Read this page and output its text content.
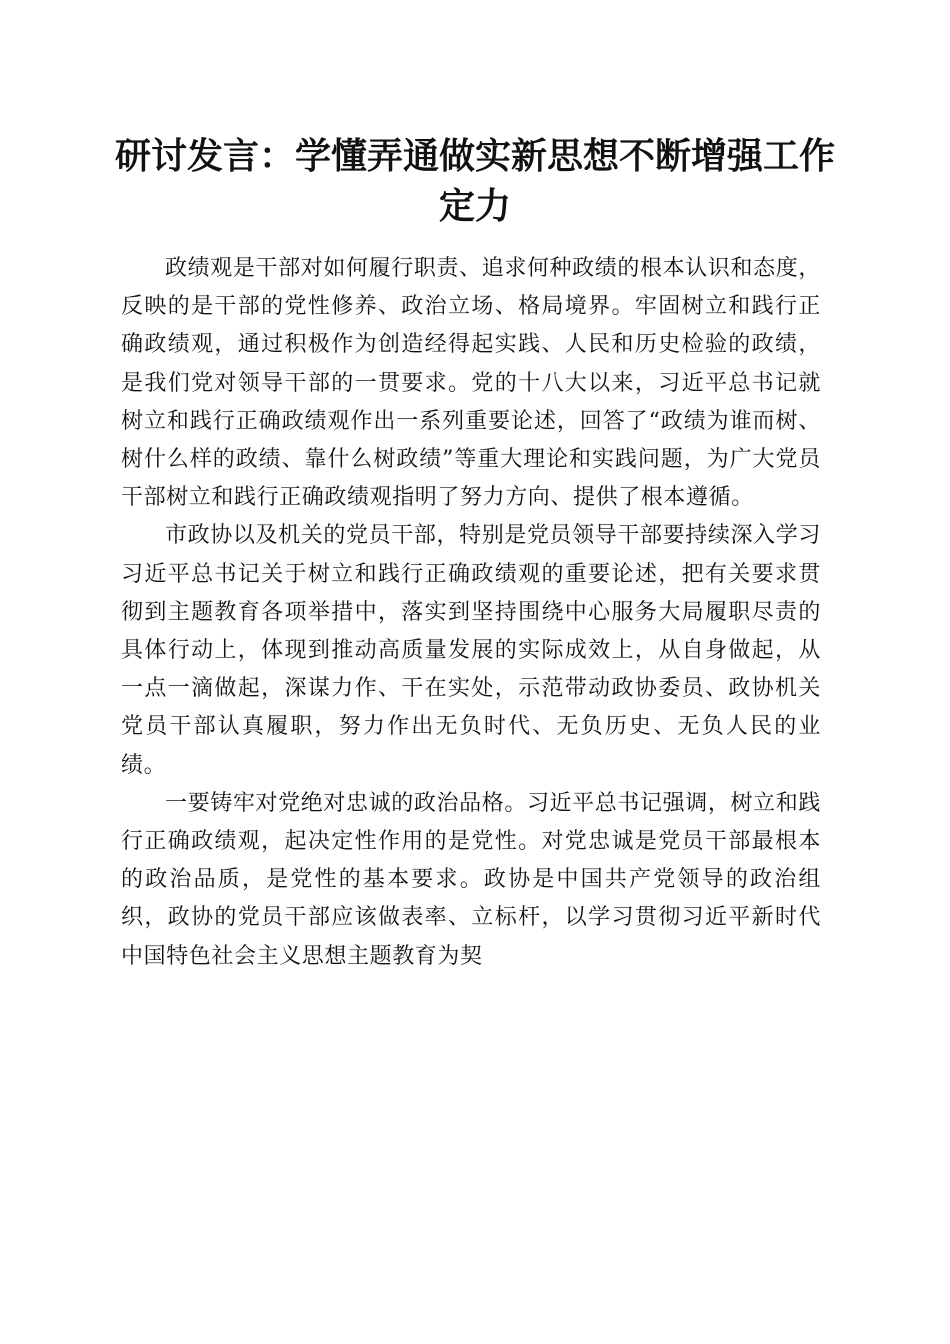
研讨发言：学懂弄通做实新思想不断增强工作定力

政绩观是干部对如何履行职责、追求何种政绩的根本认识和态度，反映的是干部的党性修养、政治立场、格局境界。牢固树立和践行正确政绩观，通过积极作为创造经得起实践、人民和历史检验的政绩，是我们党对领导干部的一贯要求。党的十八大以来，习近平总书记就树立和践行正确政绩观作出一系列重要论述，回答了“政绩为谁而树、树什么样的政绩、靠什么树政绩”等重大理论和实践问题，为广大党员干部树立和践行正确政绩观指明了努力方向、提供了根本遵循。

市政协以及机关的党员干部，特别是党员领导干部要持续深入学习习近平总书记关于树立和践行正确政绩观的重要论述，把有关要求贯彻到主题教育各项举措中，落实到坚持围绕中心服务大局履职尽责的具体行动上，体现到推动高质量发展的实际成效上，从自身做起，从一点一滴做起，深谋力作、干在实处，示范带动政协委员、政协机关党员干部认真履职，努力作出无负时代、无负历史、无负人民的业绩。

一要铸牢对党绝对忠诚的政治品格。习近平总书记强调，树立和践行正确政绩观，起决定性作用的是党性。对党忠诚是党员干部最根本的政治品质，是党性的基本要求。政协是中国共产党领导的政治组织，政协的党员干部应该做表率、立标杆，以学习贯彻习近平新时代中国特色社会主义思想主题教育为契
